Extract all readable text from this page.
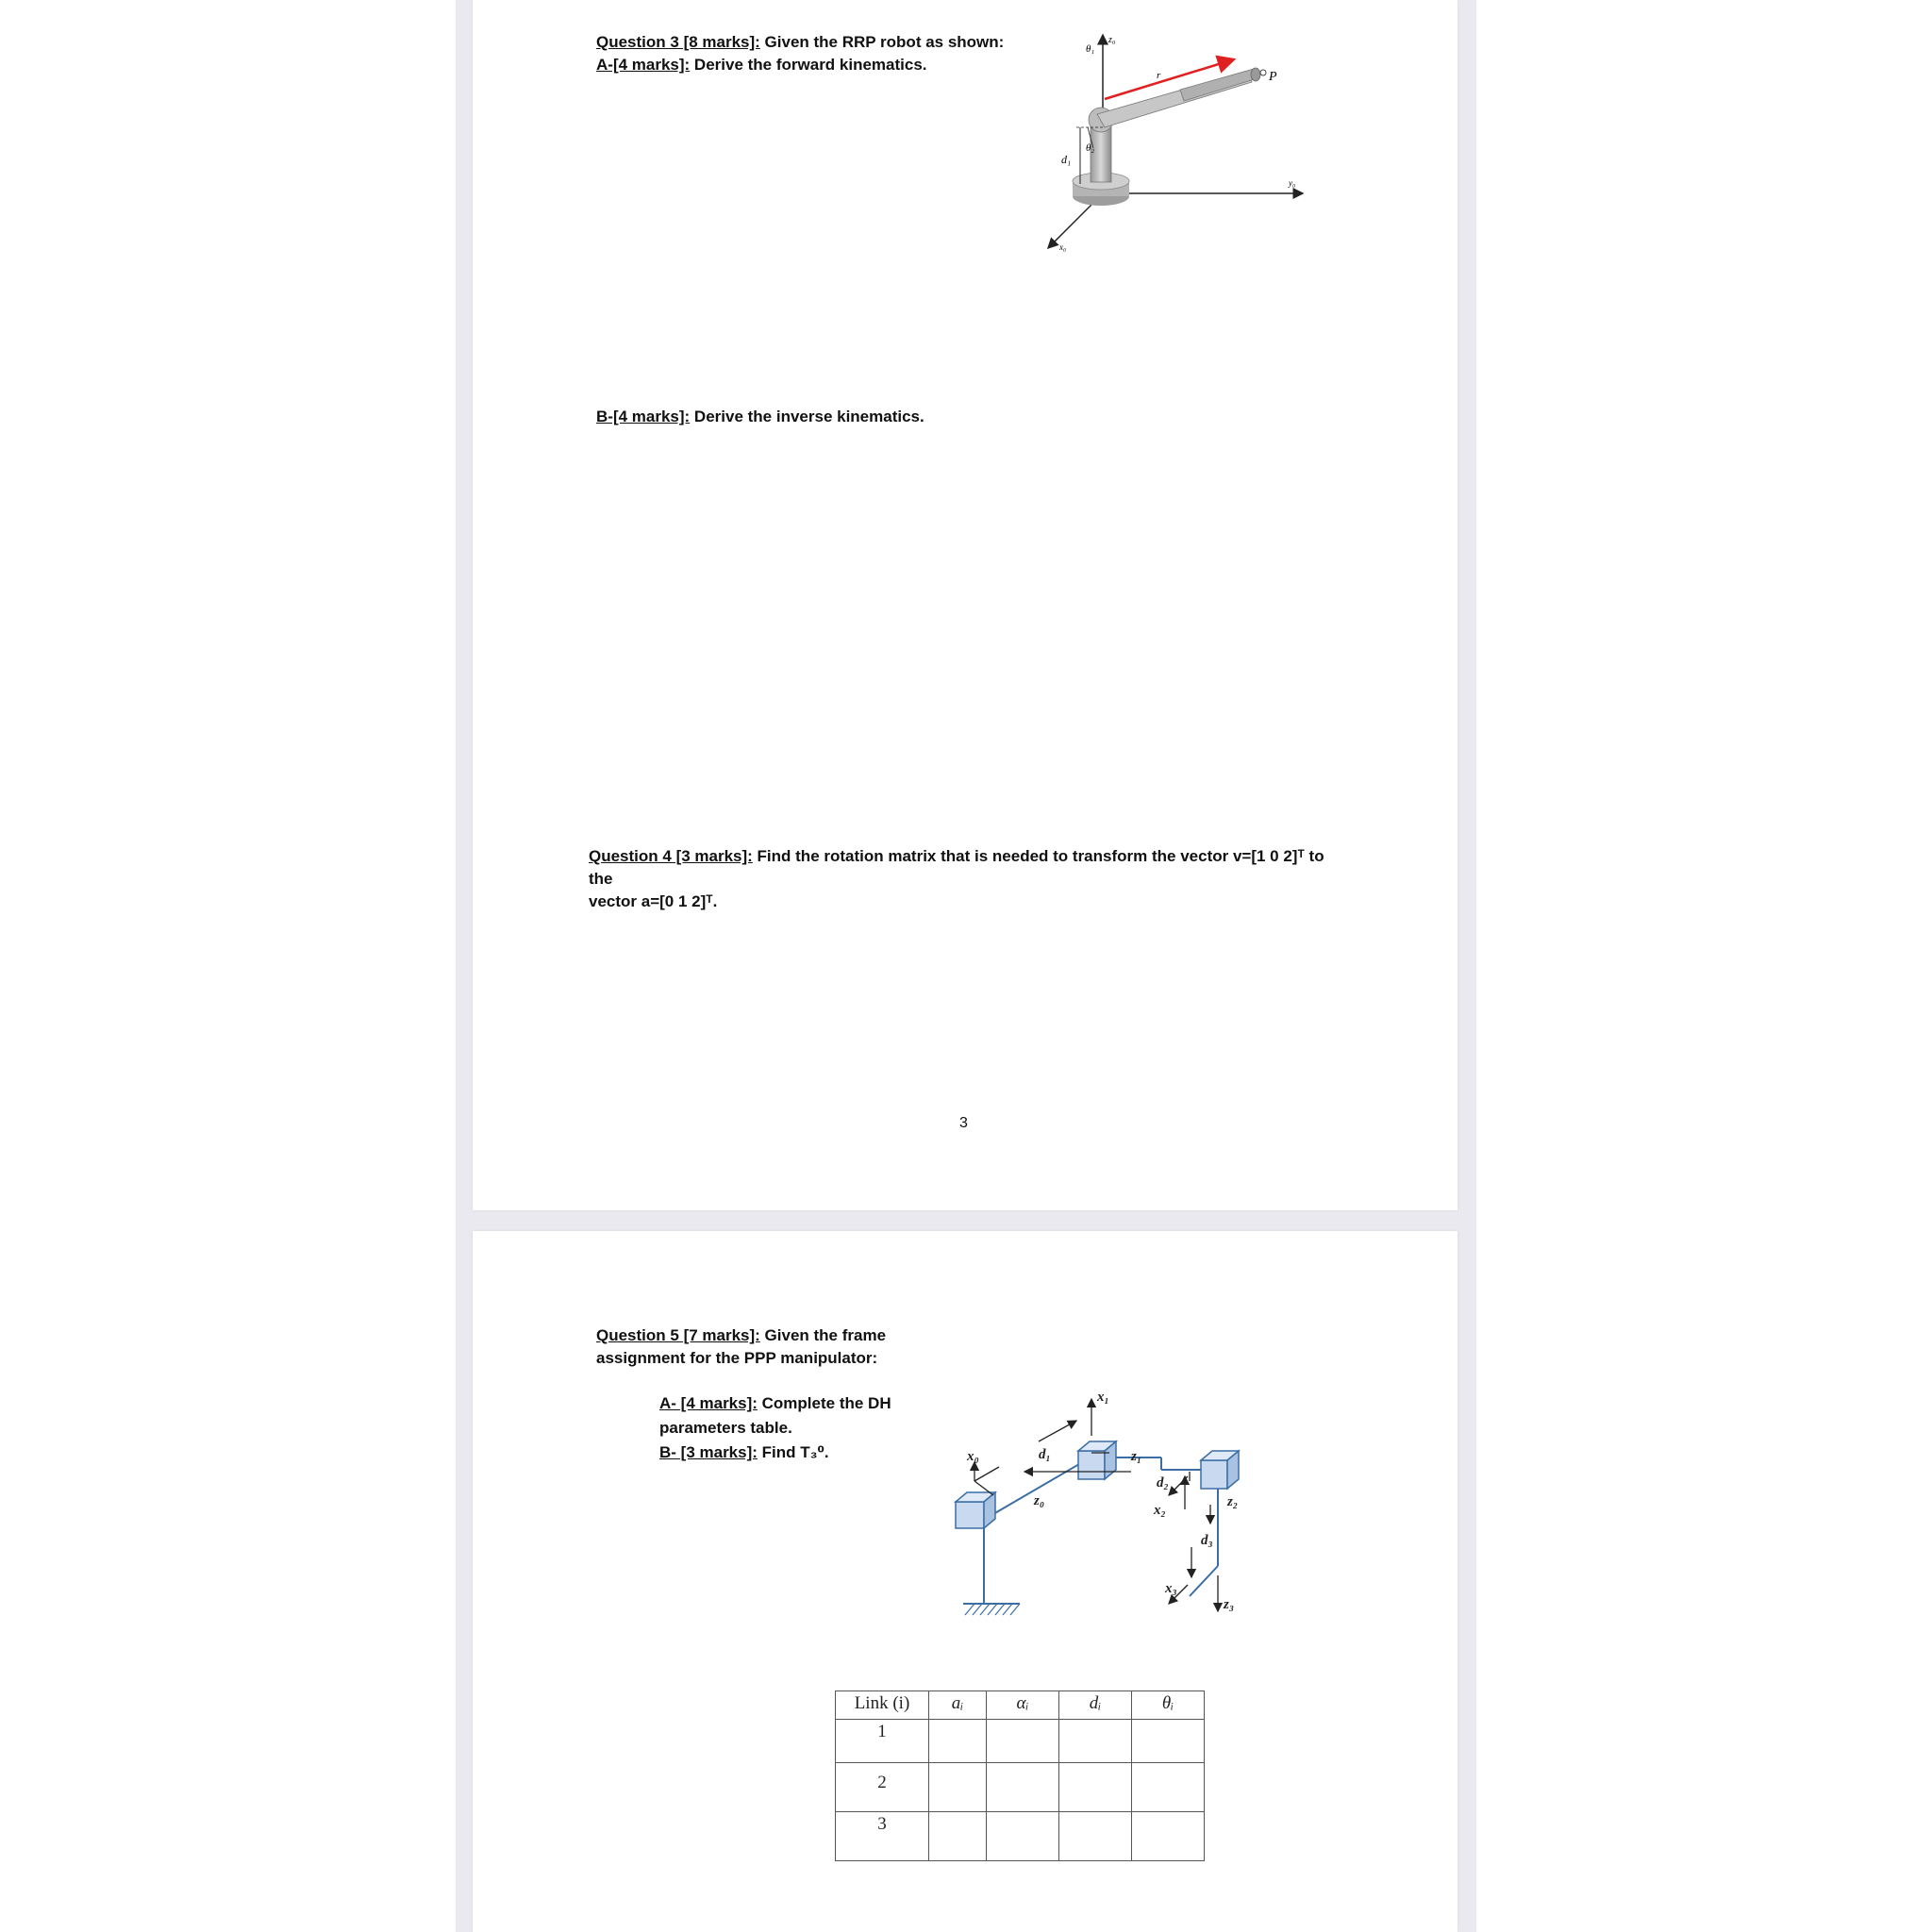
Question 3 [8 marks]: Given the RRP robot as shown:
A-[4 marks]: Derive the forward kinematics.
θ₁
z₀
r	P
θ₂
d₁
y₀
x₀
B-[4 marks]: Derive the inverse kinematics.
Question 4 [3 marks]: Find the rotation matrix that is needed to transform the vector v=[1 0 2]ᵀ to the
vector a=[0 1 2]ᵀ.
3
Question 5 [7 marks]: Given the frame
assignment for the PPP manipulator:
A- [4 marks]: Complete the DH
parameters table.
B- [3 marks]: Find T₃⁰.	x₀	d₁
x₁
z₁
z₀
d₂
z₂
x₂
d₃
x₃
z₃
Link (i)	aᵢ	αᵢ	dᵢ	θᵢ
1				
2				
3				
